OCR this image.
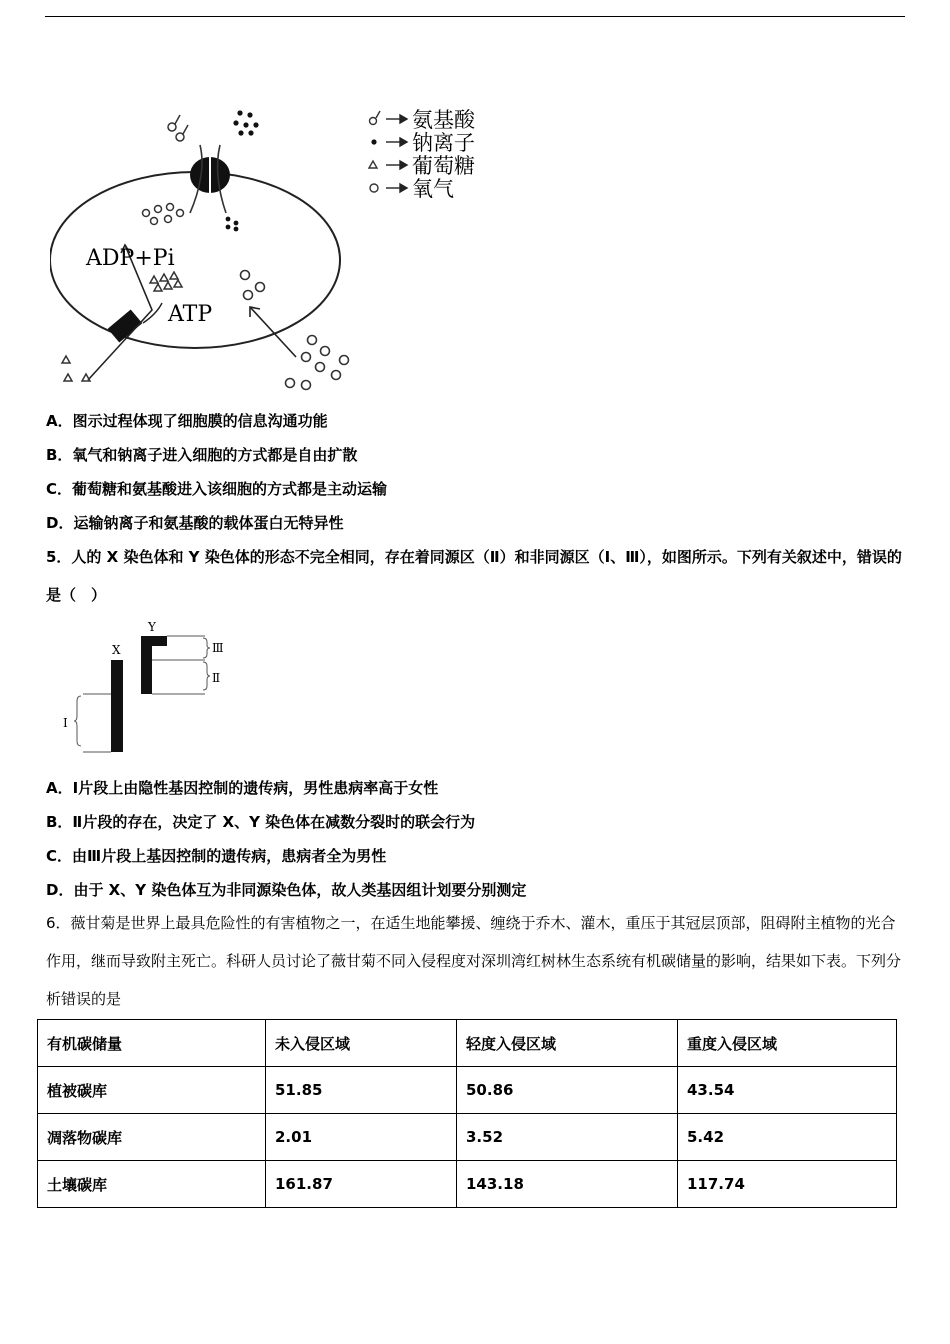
ADP+Pi
ATP
氨基酸
钠离子
葡萄糖
氧气
A．图示过程体现了细胞膜的信息沟通功能
B．氧气和钠离子进入细胞的方式都是自由扩散
C．葡萄糖和氨基酸进入该细胞的方式都是主动运输
D．运输钠离子和氨基酸的载体蛋白无特异性
5．人的 X 染色体和 Y 染色体的形态不完全相同，存在着同源区（Ⅱ）和非同源区（Ⅰ、Ⅲ），如图所示。下列有关叙述中，错误的是（　）
X
Y
Ⅲ
Ⅱ
Ⅰ
A．Ⅰ片段上由隐性基因控制的遗传病，男性患病率高于女性
B．Ⅱ片段的存在，决定了 X、Y 染色体在减数分裂时的联会行为
C．由Ⅲ片段上基因控制的遗传病，患病者全为男性
D．由于 X、Y 染色体互为非同源染色体，故人类基因组计划要分别测定
6．薇甘菊是世界上最具危险性的有害植物之一，在适生地能攀援、缠绕于乔木、灌木，重压于其冠层顶部，阻碍附主植物的光合作用，继而导致附主死亡。科研人员讨论了薇甘菊不同入侵程度对深圳湾红树林生态系统有机碳储量的影响，结果如下表。下列分析错误的是
有机碳储量	未入侵区域	轻度入侵区域	重度入侵区域
植被碳库	51.85	50.86	43.54
凋落物碳库	2.01	3.52	5.42
土壤碳库	161.87	143.18	117.74
